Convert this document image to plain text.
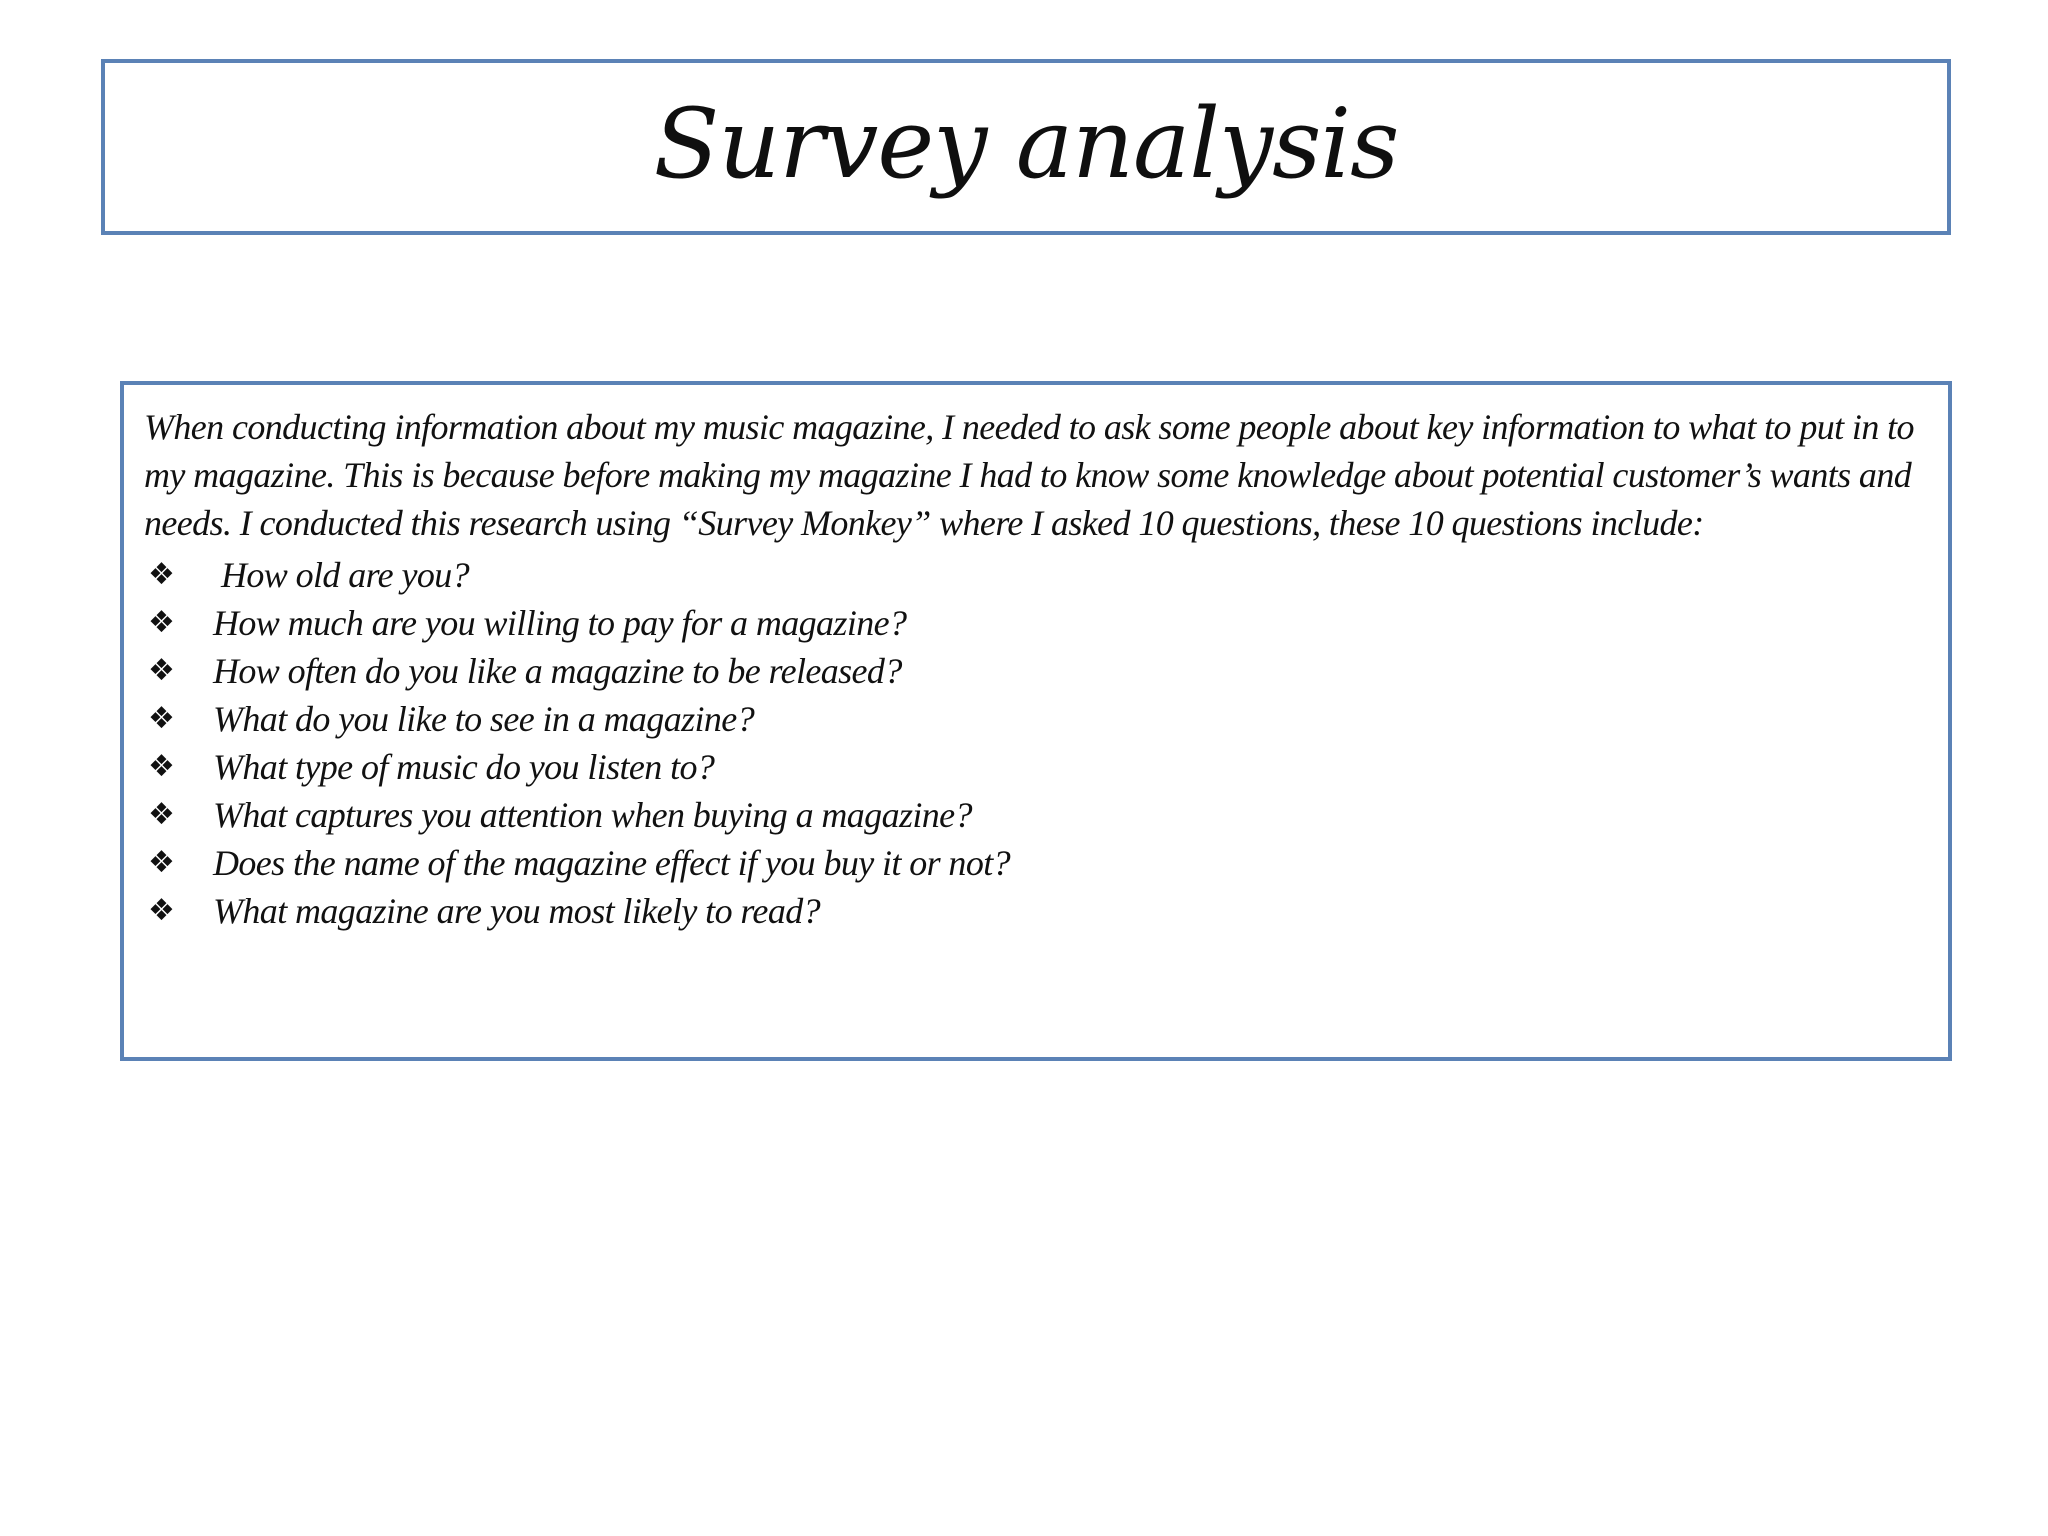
Survey analysis

When conducting information about my music magazine, I needed to ask some people about key information to what to put in to my magazine. This is because before making my magazine I had to know some knowledge about potential customer’s wants and needs. I conducted this research using “Survey Monkey” where I asked 10 questions, these 10 questions include:

❖	How old are you?
❖	How much are you willing to pay for a magazine?
❖	How often do you like a magazine to be released?
❖	What do you like to see in a magazine?
❖	What type of music do you listen to?
❖	What captures you attention when buying a magazine?
❖	Does the name of the magazine effect if you buy it or not?
❖	What magazine are you most likely to read?
